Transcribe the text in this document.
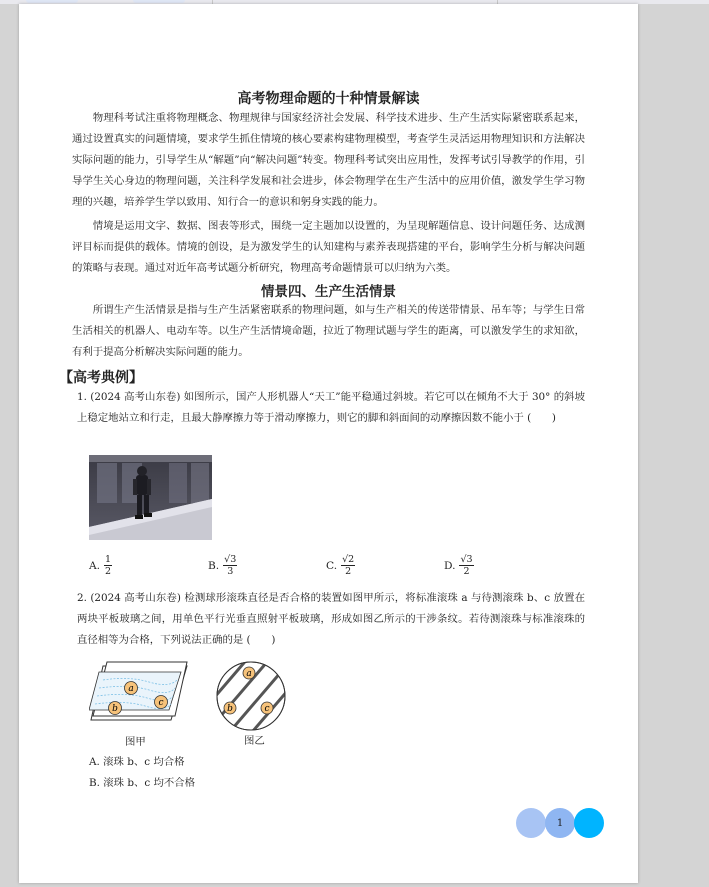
高考物理命题的十种情景解读
物理科考试注重将物理概念、物理规律与国家经济社会发展、科学技术进步、生产生活实际紧密联系起来，通过设置真实的问题情境，要求学生抓住情境的核心要素构建物理模型，考查学生灵活运用物理知识和方法解决实际问题的能力，引导学生从“解题”向“解决问题”转变。物理科考试突出应用性，发挥考试引导教学的作用，引导学生关心身边的物理问题，关注科学发展和社会进步，体会物理学在生产生活中的应用价值，激发学生学习物理的兴趣，培养学生学以致用、知行合一的意识和躬身实践的能力。
情境是运用文字、数据、图表等形式，围绕一定主题加以设置的，为呈现解题信息、设计问题任务、达成测评目标而提供的载体。情境的创设，是为激发学生的认知建构与素养表现搭建的平台，影响学生分析与解决问题的策略与表现。通过对近年高考试题分析研究，物理高考命题情景可以归纳为六类。
情景四、生产生活情景
所谓生产生活情景是指与生产生活紧密联系的物理问题，如与生产相关的传送带情景、吊车等；与学生日常生活相关的机器人、电动车等。以生产生活情境命题，拉近了物理试题与学生的距离，可以激发学生的求知欲，有利于提高分析解决实际问题的能力。
【高考典例】
1. (2024 高考山东卷) 如图所示，国产人形机器人“天工”能平稳通过斜坡。若它可以在倾角不大于 30° 的斜坡上稳定地站立和行走，且最大静摩擦力等于滑动摩擦力，则它的脚和斜面间的动摩擦因数不能小于 (　　)
A. $\frac{1}{2}$	B. $\frac{√3}{3}$	C. $\frac{√2}{2}$	D. $\frac{√3}{2}$
2. (2024 高考山东卷) 检测球形滚珠直径是否合格的装置如图甲所示，将标准滚珠 a 与待测滚珠 b、c 放置在两块平板玻璃之间，用单色平行光垂直照射平板玻璃，形成如图乙所示的干涉条纹。若待测滚珠与标准滚珠的直径相等为合格，下列说法正确的是 (　　)
a
b
c
图甲
a
b	c
图乙
A. 滚珠 b、c 均合格
B. 滚珠 b、c 均不合格
1
